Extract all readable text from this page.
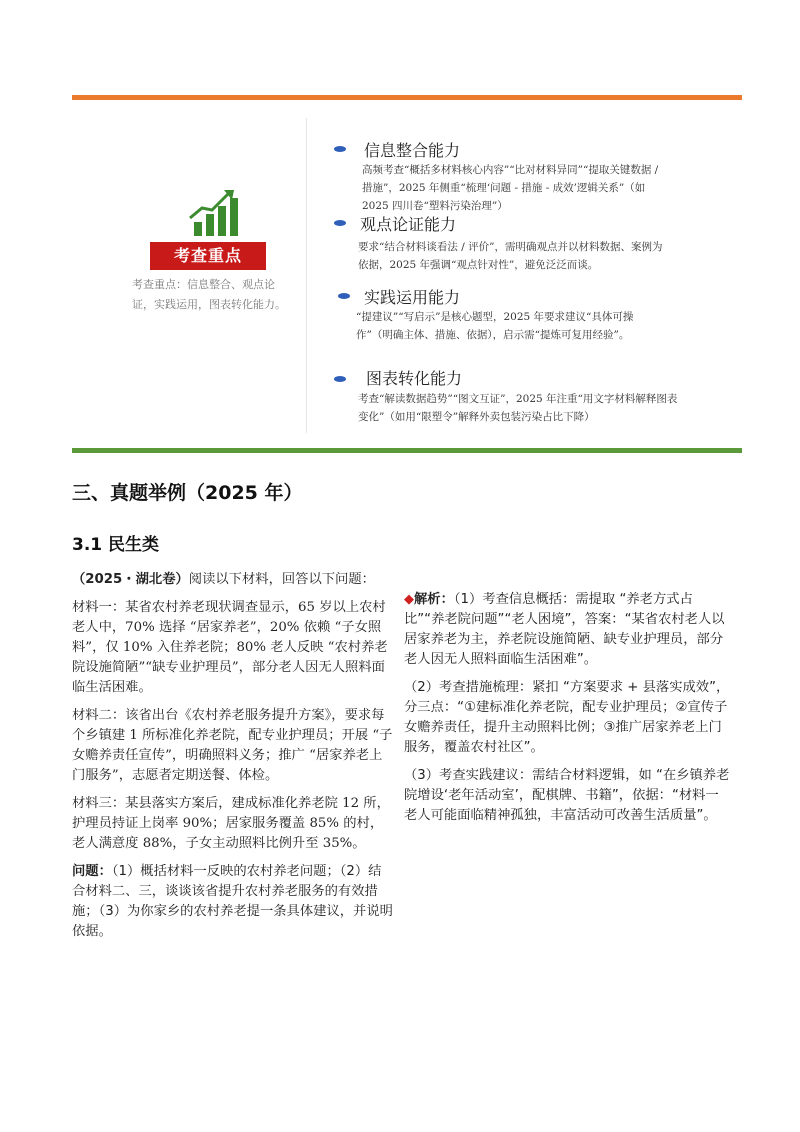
考查重点
考查重点：信息整合、观点论证，实践运用，图表转化能力。
信息整合能力
高频考查“概括多材料核心内容”“比对材料异同”“提取关键数据 / 措施”，2025 年侧重“梳理‘问题 - 措施 - 成效’逻辑关系”（如 2025 四川卷“塑料污染治理”）
观点论证能力
要求“结合材料谈看法 / 评价”，需明确观点并以材料数据、案例为依据，2025 年强调“观点针对性”，避免泛泛而谈。
实践运用能力
“提建议”“写启示”是核心题型，2025 年要求建议“具体可操作”（明确主体、措施、依据），启示需“提炼可复用经验”。
图表转化能力
考查“解读数据趋势”“图文互证”，2025 年注重“用文字材料解释图表变化”（如用“限塑令”解释外卖包装污染占比下降）
三、真题举例（2025 年）
3.1 民生类

（2025・湖北卷）阅读以下材料，回答以下问题：

材料一：某省农村养老现状调查显示，65 岁以上农村老人中，70% 选择 “居家养老”，20% 依赖 “子女照料”，仅 10% 入住养老院；80% 老人反映 “农村养老院设施简陋”“缺专业护理员”，部分老人因无人照料面临生活困难。

材料二：该省出台《农村养老服务提升方案》，要求每个乡镇建 1 所标准化养老院，配专业护理员；开展 “子女赡养责任宣传”，明确照料义务；推广 “居家养老上门服务”，志愿者定期送餐、体检。

材料三：某县落实方案后，建成标准化养老院 12 所，护理员持证上岗率 90%；居家服务覆盖 85% 的村，老人满意度 88%，子女主动照料比例升至 35%。

问题：（1）概括材料一反映的农村养老问题；（2）结合材料二、三，谈谈该省提升农村养老服务的有效措施；（3）为你家乡的农村养老提一条具体建议，并说明依据。

◆解析：（1）考查信息概括：需提取 “养老方式占比”“养老院问题”“老人困境”，答案：“某省农村老人以居家养老为主，养老院设施简陋、缺专业护理员，部分老人因无人照料面临生活困难”。

（2）考查措施梳理：紧扣 “方案要求 + 县落实成效”，分三点：“①建标准化养老院，配专业护理员；②宣传子女赡养责任，提升主动照料比例；③推广居家养老上门服务，覆盖农村社区”。

（3）考查实践建议：需结合材料逻辑，如 “在乡镇养老院增设‘老年活动室’，配棋牌、书籍”，依据：“材料一老人可能面临精神孤独，丰富活动可改善生活质量”。
